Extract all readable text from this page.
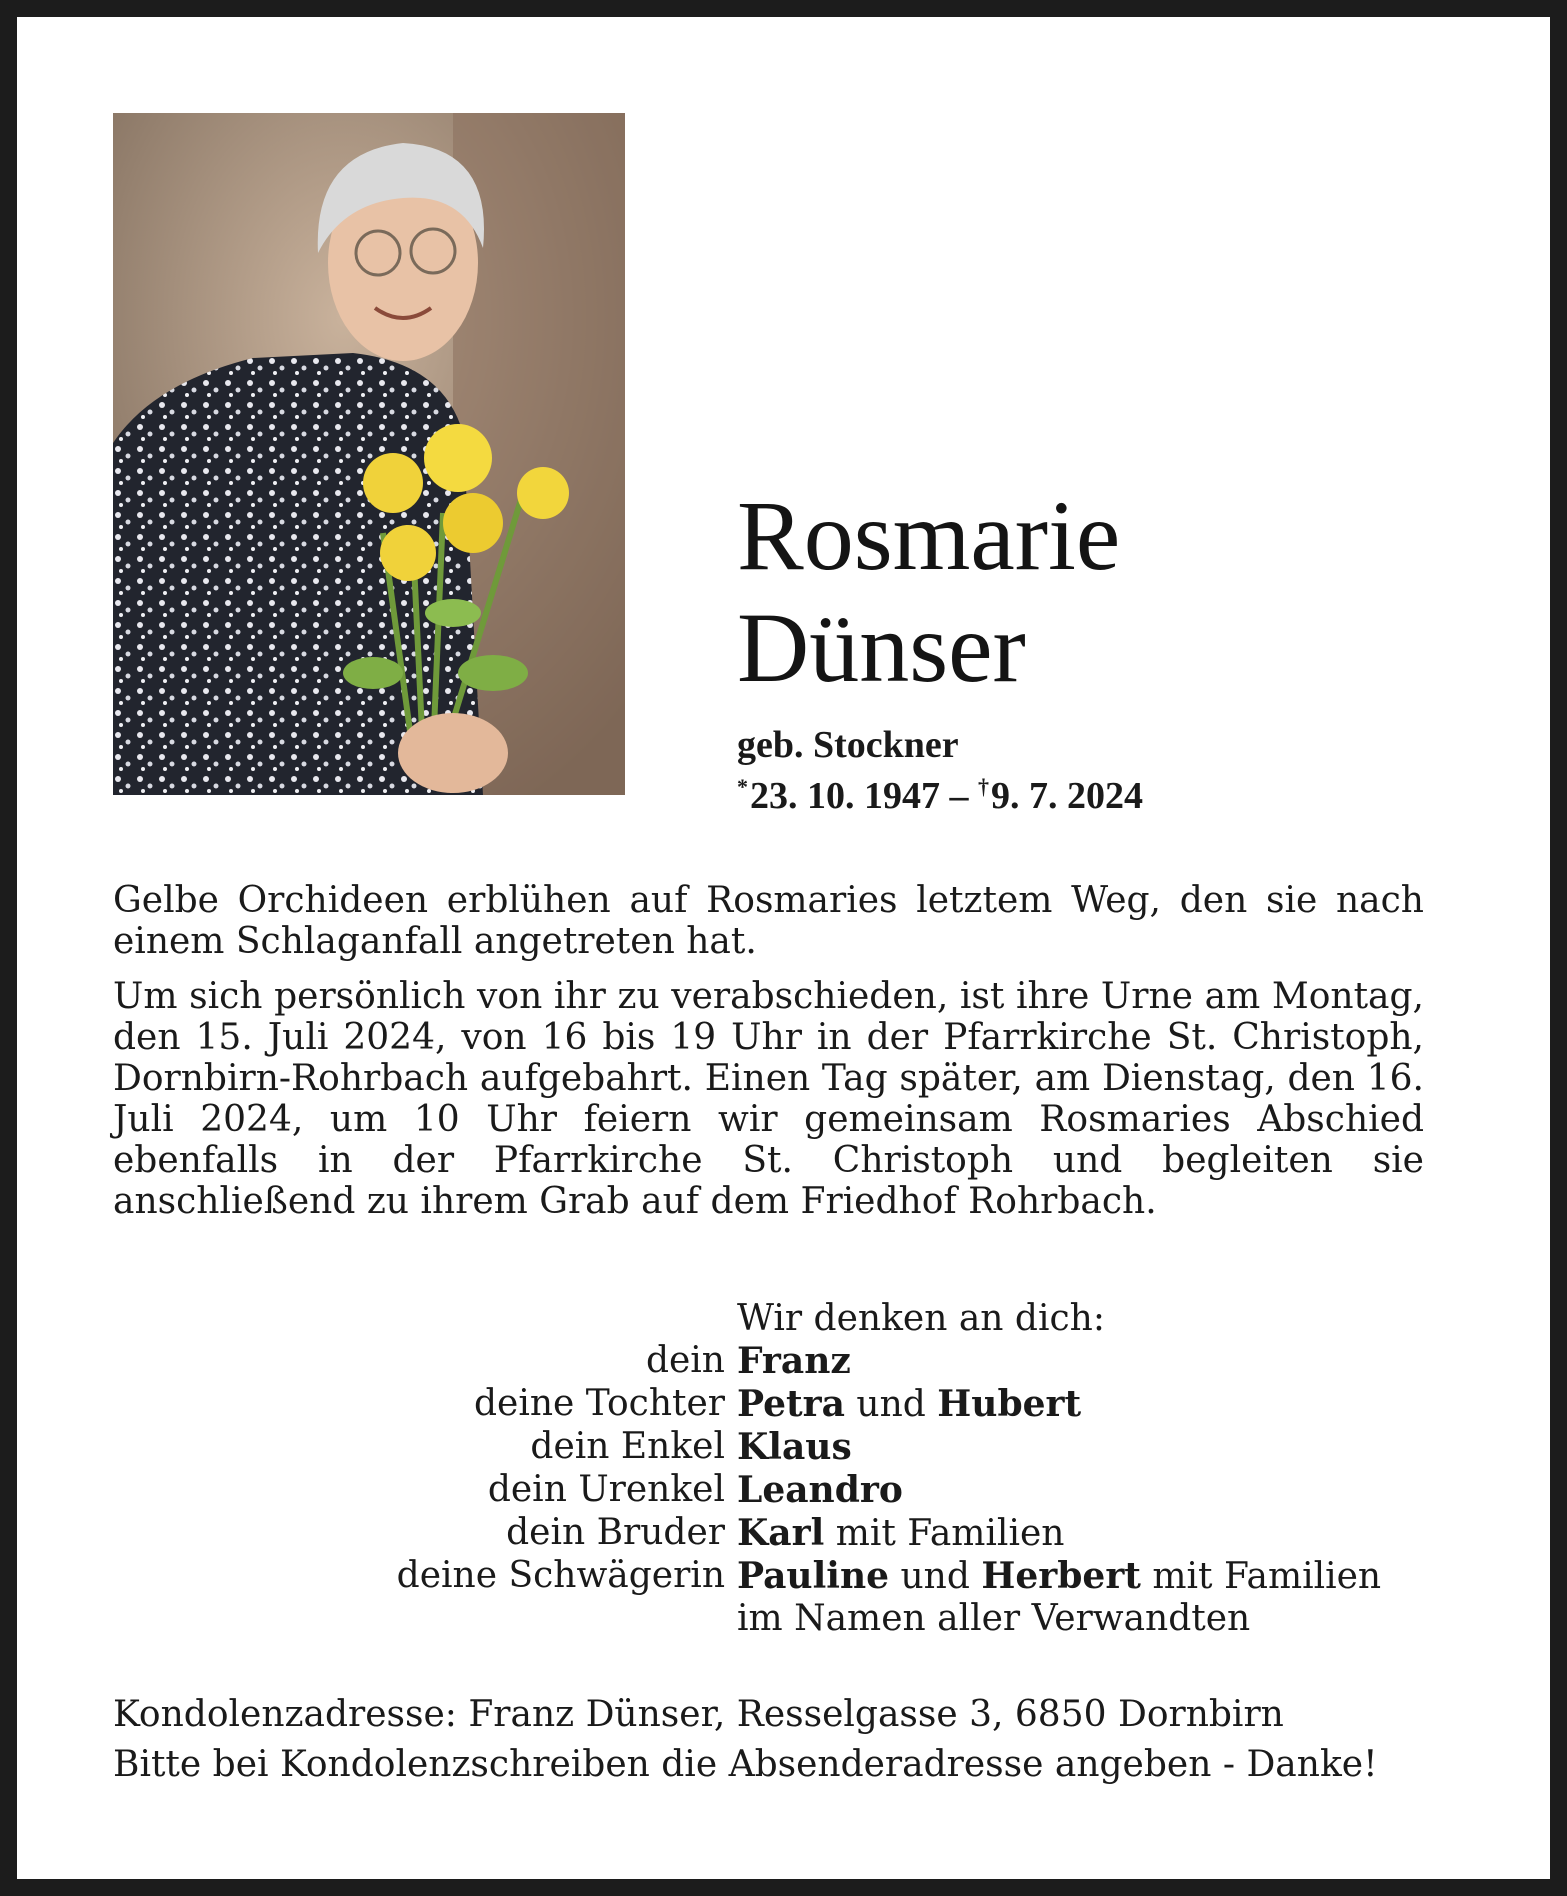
Rosmarie
Dünser
geb. Stockner
*23. 10. 1947 – †9. 7. 2024

Gelbe Orchideen erblühen auf Rosmaries letztem Weg, den sie nach einem Schlaganfall angetreten hat.

Um sich persönlich von ihr zu verabschieden, ist ihre Urne am Montag, den 15. Juli 2024, von 16 bis 19 Uhr in der Pfarrkirche St. Christoph, Dornbirn-Rohrbach aufgebahrt. Einen Tag später, am Dienstag, den 16. Juli 2024, um 10 Uhr feiern wir gemeinsam Rosmaries Abschied ebenfalls in der Pfarrkirche St. Christoph und begleiten sie anschließend zu ihrem Grab auf dem Friedhof Rohrbach.

Wir denken an dich:
dein Franz
deine Tochter Petra und Hubert
dein Enkel Klaus
dein Urenkel Leandro
dein Bruder Karl mit Familien
deine Schwägerin Pauline und Herbert mit Familien
im Namen aller Verwandten
Kondolenzadresse: Franz Dünser, Resselgasse 3, 6850 Dornbirn
Bitte bei Kondolenzschreiben die Absenderadresse angeben - Danke!
